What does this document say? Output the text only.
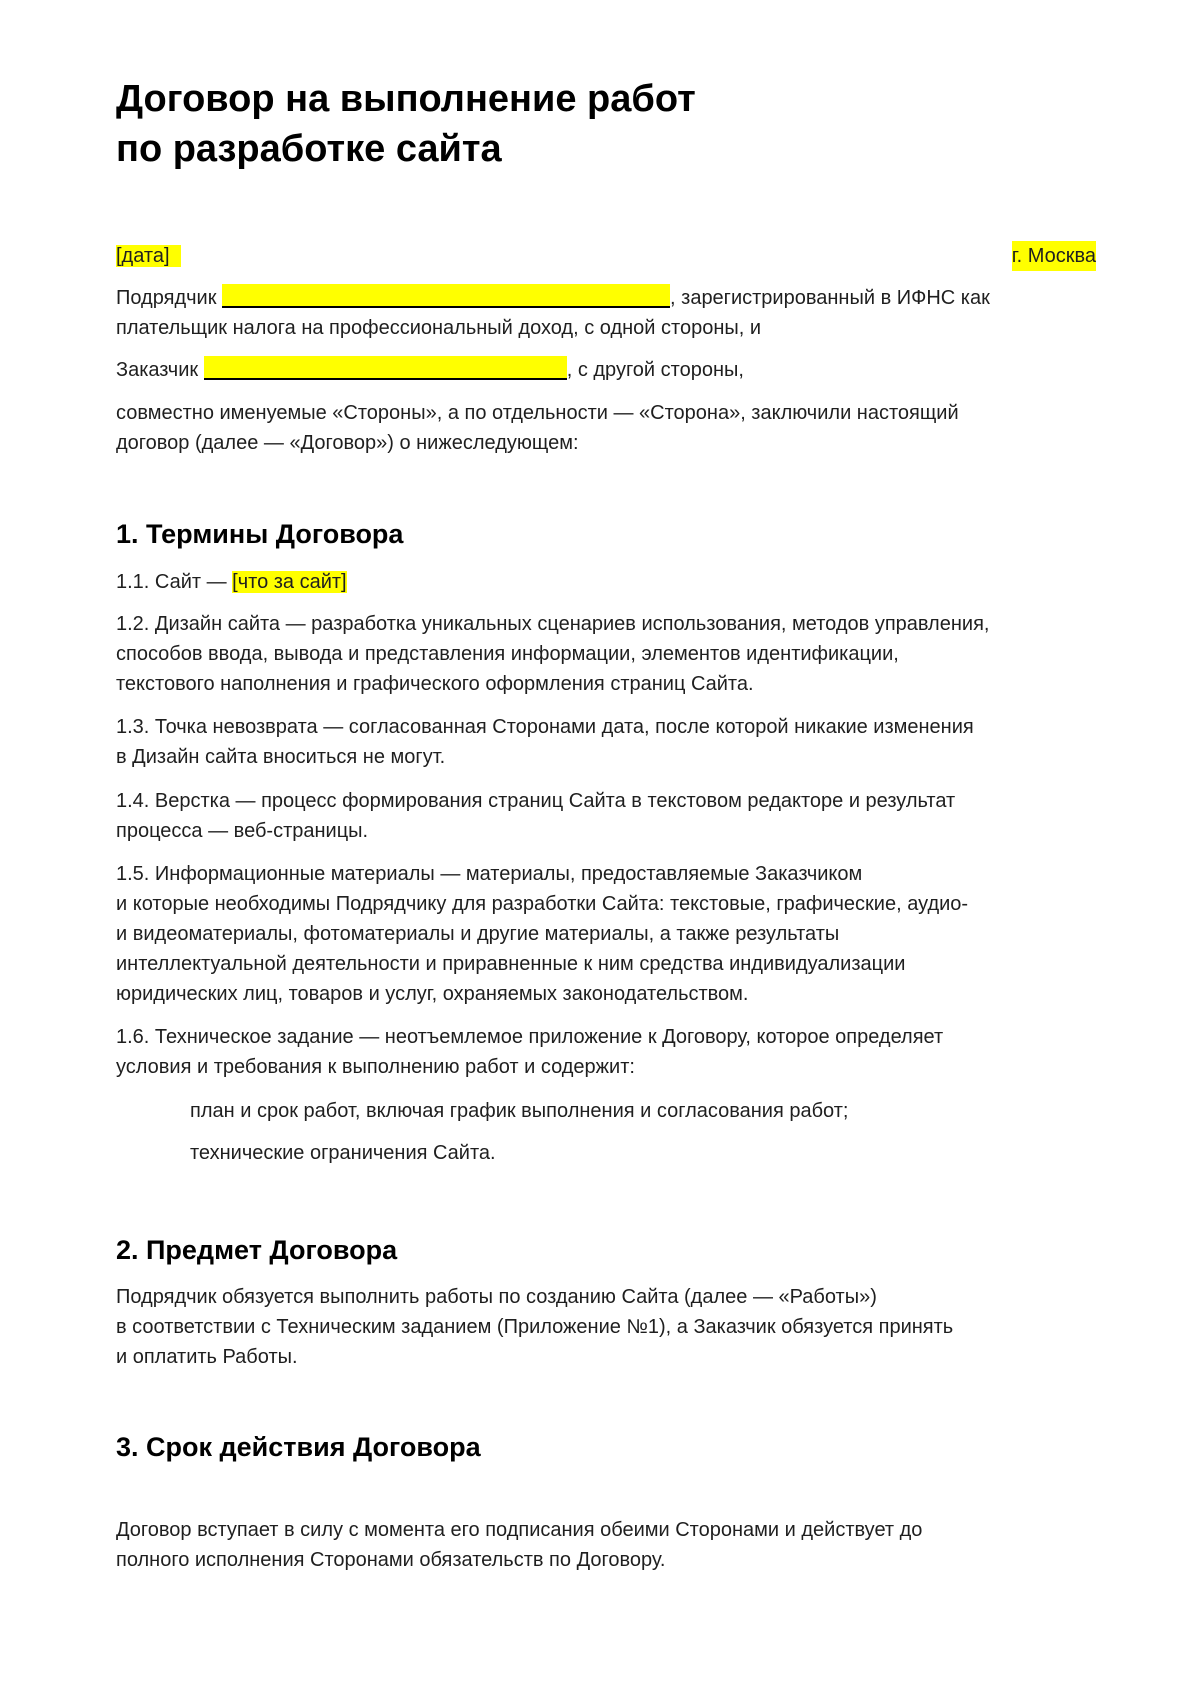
Договор на выполнение работ
по разработке сайта

[дата]	г. Москва

Подрядчик	, зарегистрированный в ИФНС как
плательщик налога на профессиональный доход, с одной стороны, и

Заказчик	, с другой стороны,

совместно именуемые «Стороны», а по отдельности — «Сторона», заключили настоящий
договор (далее — «Договор») о нижеследующем:

1. Термины Договора

1.1. Сайт — [что за сайт]

1.2. Дизайн сайта — разработка уникальных сценариев использования, методов управления,
способов ввода, вывода и представления информации, элементов идентификации,
текстового наполнения и графического оформления страниц Сайта.

1.3. Точка невозврата — согласованная Сторонами дата, после которой никакие изменения
в Дизайн сайта вноситься не могут.

1.4. Верстка — процесс формирования страниц Сайта в текстовом редакторе и результат
процесса — веб-страницы.

1.5. Информационные материалы — материалы, предоставляемые Заказчиком
и которые необходимы Подрядчику для разработки Сайта: текстовые, графические, аудио-
и видеоматериалы, фотоматериалы и другие материалы, а также результаты
интеллектуальной деятельности и приравненные к ним средства индивидуализации
юридических лиц, товаров и услуг, охраняемых законодательством.

1.6. Техническое задание — неотъемлемое приложение к Договору, которое определяет
условия и требования к выполнению работ и содержит:

план и срок работ, включая график выполнения и согласования работ;

технические ограничения Сайта.

2. Предмет Договора

Подрядчик обязуется выполнить работы по созданию Сайта (далее — «Работы»)
в соответствии с Техническим заданием (Приложение №1), а Заказчик обязуется принять
и оплатить Работы.

3. Срок действия Договора

Договор вступает в силу с момента его подписания обеими Сторонами и действует до
полного исполнения Сторонами обязательств по Договору.
